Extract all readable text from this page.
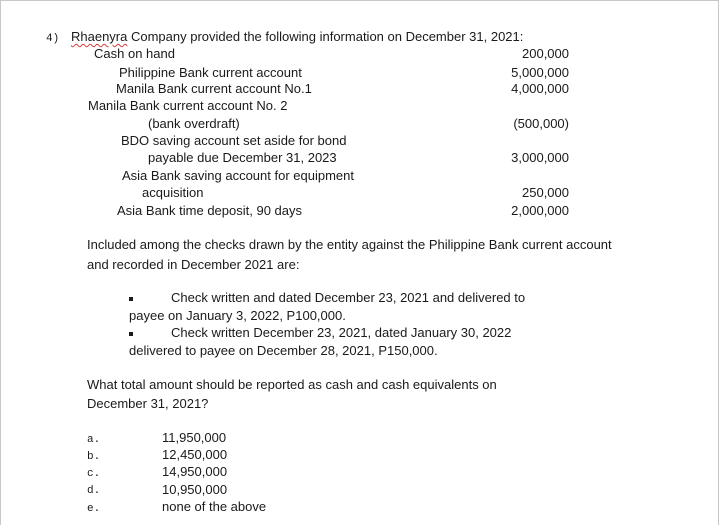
4) Rhaenyra Company provided the following information on December 31, 2021:
Cash on hand	200,000
Philippine Bank current account	5,000,000
Manila Bank current account No.1	4,000,000
Manila Bank current account No. 2
(bank overdraft)	(500,000)
BDO saving account set aside for bond
payable due December 31, 2023	3,000,000
Asia Bank saving account for equipment
acquisition	250,000
Asia Bank time deposit, 90 days	2,000,000
Included among the checks drawn by the entity against the Philippine Bank current account
and recorded in December 2021 are:
Check written and dated December 23, 2021 and delivered to
payee on January 3, 2022, P100,000.
Check written December 23, 2021, dated January 30, 2022
delivered to payee on December 28, 2021, P150,000.
What total amount should be reported as cash and cash equivalents on
December 31, 2021?
a.	11,950,000
b.	12,450,000
c.	14,950,000
d.	10,950,000
e.	none of the above
